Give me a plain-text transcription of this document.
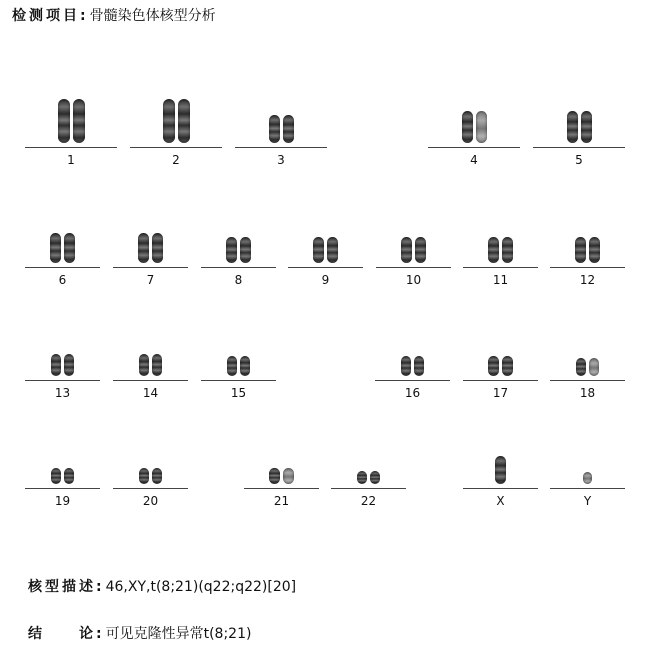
检测项目: 骨髓染色体核型分析
1	2	3	4	5
6	7	8	9	10	11	12
13	14	15	16	17	18
19	20	21	22	X	Y
核型描述: 46,XY,t(8;21)(q22;q22)[20]
结 论: 可见克隆性异常t(8;21)
